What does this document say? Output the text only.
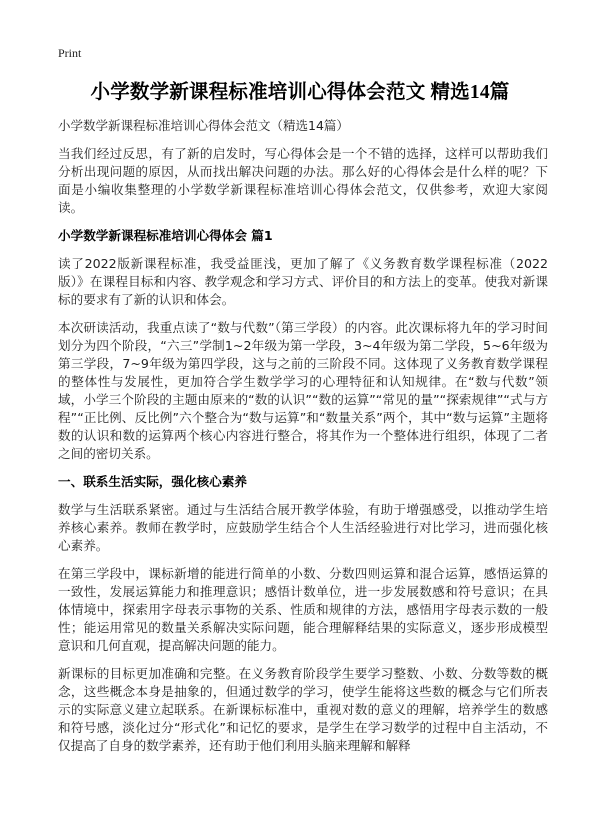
Print
小学数学新课程标准培训心得体会范文 精选14篇
小学数学新课程标准培训心得体会范文（精选14篇）

当我们经过反思，有了新的启发时，写心得体会是一个不错的选择，这样可以帮助我们分析出现问题的原因，从而找出解决问题的办法。那么好的心得体会是什么样的呢？下面是小编收集整理的小学数学新课程标准培训心得体会范文，仅供参考，欢迎大家阅读。

小学数学新课程标准培训心得体会 篇1

读了2022版新课程标准，我受益匪浅，更加了解了《义务教育数学课程标准（2022版）》在课程目标和内容、教学观念和学习方式、评价目的和方法上的变革。使我对新课标的要求有了新的认识和体会。

本次研读活动，我重点读了“数与代数”（第三学段）的内容。此次课标将九年的学习时间划分为四个阶段，“六三”学制1~2年级为第一学段，3~4年级为第二学段，5~6年级为第三学段，7~9年级为第四学段，这与之前的三阶段不同。这体现了义务教育数学课程的整体性与发展性，更加符合学生数学学习的心理特征和认知规律。在“数与代数”领域，小学三个阶段的主题由原来的“数的认识”“数的运算”“常见的量”“探索规律”“式与方程”“正比例、反比例”六个整合为“数与运算”和“数量关系”两个，其中“数与运算”主题将数的认识和数的运算两个核心内容进行整合，将其作为一个整体进行组织，体现了二者之间的密切关系。

一、联系生活实际，强化核心素养

数学与生活联系紧密。通过与生活结合展开教学体验，有助于增强感受，以推动学生培养核心素养。教师在教学时，应鼓励学生结合个人生活经验进行对比学习，进而强化核心素养。

在第三学段中，课标新增的能进行简单的小数、分数四则运算和混合运算，感悟运算的一致性，发展运算能力和推理意识；感悟计数单位，进一步发展数感和符号意识；在具体情境中，探索用字母表示事物的关系、性质和规律的方法，感悟用字母表示数的一般性；能运用常见的数量关系解决实际问题，能合理解释结果的实际意义，逐步形成模型意识和几何直观，提高解决问题的能力。

新课标的目标更加准确和完整。在义务教育阶段学生要学习整数、小数、分数等数的概念，这些概念本身是抽象的，但通过数学的学习，使学生能将这些数的概念与它们所表示的实际意义建立起联系。在新课标标准中，重视对数的意义的理解，培养学生的数感和符号感，淡化过分“形式化”和记忆的要求，是学生在学习数学的过程中自主活动，不仅提高了自身的数学素养，还有助于他们利用头脑来理解和解释
